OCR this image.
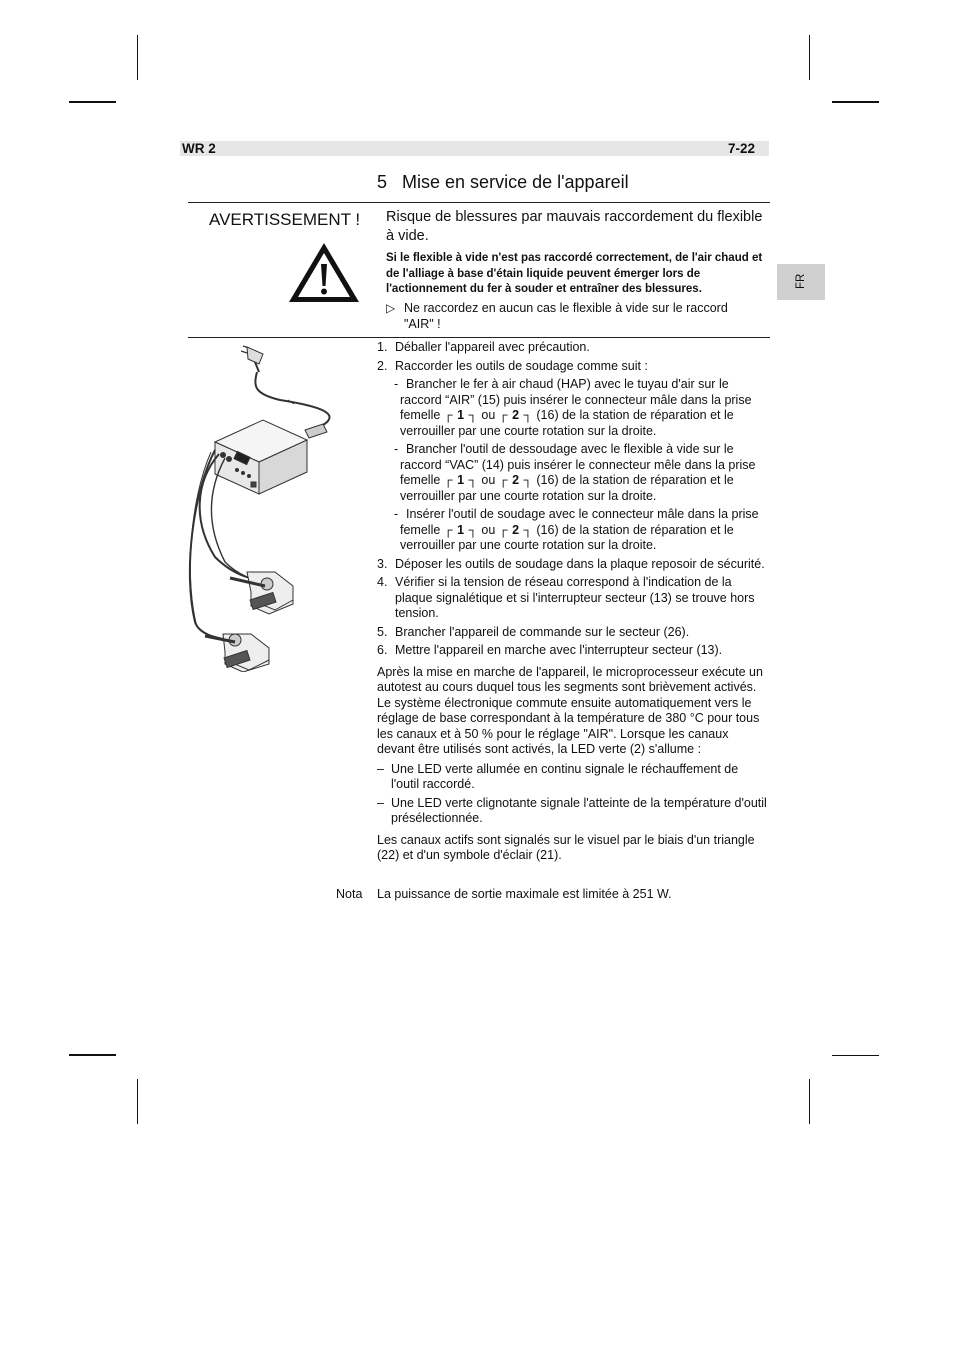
WR 2	7-22
5 Mise en service de l'appareil
FR
AVERTISSEMENT ! Risque de blessures par mauvais raccordement du flexible à vide.
Si le flexible à vide n'est pas raccordé correctement, de l'air chaud et de l'alliage à base d'étain liquide peuvent émerger lors de l'actionnement du fer à souder et entraîner des blessures.
▷ Ne raccordez en aucun cas le flexible à vide sur le raccord "AIR" !
1. Déballer l'appareil avec précaution.
2. Raccorder les outils de soudage comme suit :
- Brancher le fer à air chaud (HAP) avec le tuyau d'air sur le raccord “AIR” (15) puis insérer le connecteur mâle dans la prise femelle ┌ 1 ┐ ou ┌ 2 ┐ (16) de la station de réparation et le verrouiller par une courte rotation sur la droite.
- Brancher l'outil de dessoudage avec le flexible à vide sur le raccord “VAC” (14) puis insérer le connecteur mêle dans la prise femelle ┌ 1 ┐ ou ┌ 2 ┐ (16) de la station de réparation et le verrouiller par une courte rotation sur la droite.
- Insérer l'outil de soudage avec le connecteur mâle dans la prise femelle ┌ 1 ┐ ou ┌ 2 ┐ (16) de la station de réparation et le verrouiller par une courte rotation sur la droite.
3. Déposer les outils de soudage dans la plaque reposoir de sécurité.
4. Vérifier si la tension de réseau correspond à l'indication de la plaque signalétique et si l'interrupteur secteur (13) se trouve hors tension.
5. Brancher l'appareil de commande sur le secteur (26).
6. Mettre l'appareil en marche avec l'interrupteur secteur (13).
Après la mise en marche de l'appareil, le microprocesseur exécute un autotest au cours duquel tous les segments sont brièvement activés. Le système électronique commute ensuite automatiquement vers le réglage de base correspondant à la température de 380 °C pour tous les canaux et à 50 % pour le réglage "AIR". Lorsque les canaux devant être utilisés sont activés, la LED verte (2) s'allume :
– Une LED verte allumée en continu signale le réchauffement de l'outil raccordé.
– Une LED verte clignotante signale l'atteinte de la température d'outil présélectionnée.
Les canaux actifs sont signalés sur le visuel par le biais d'un triangle (22) et d'un symbole d'éclair (21).
Nota La puissance de sortie maximale est limitée à 251 W.
